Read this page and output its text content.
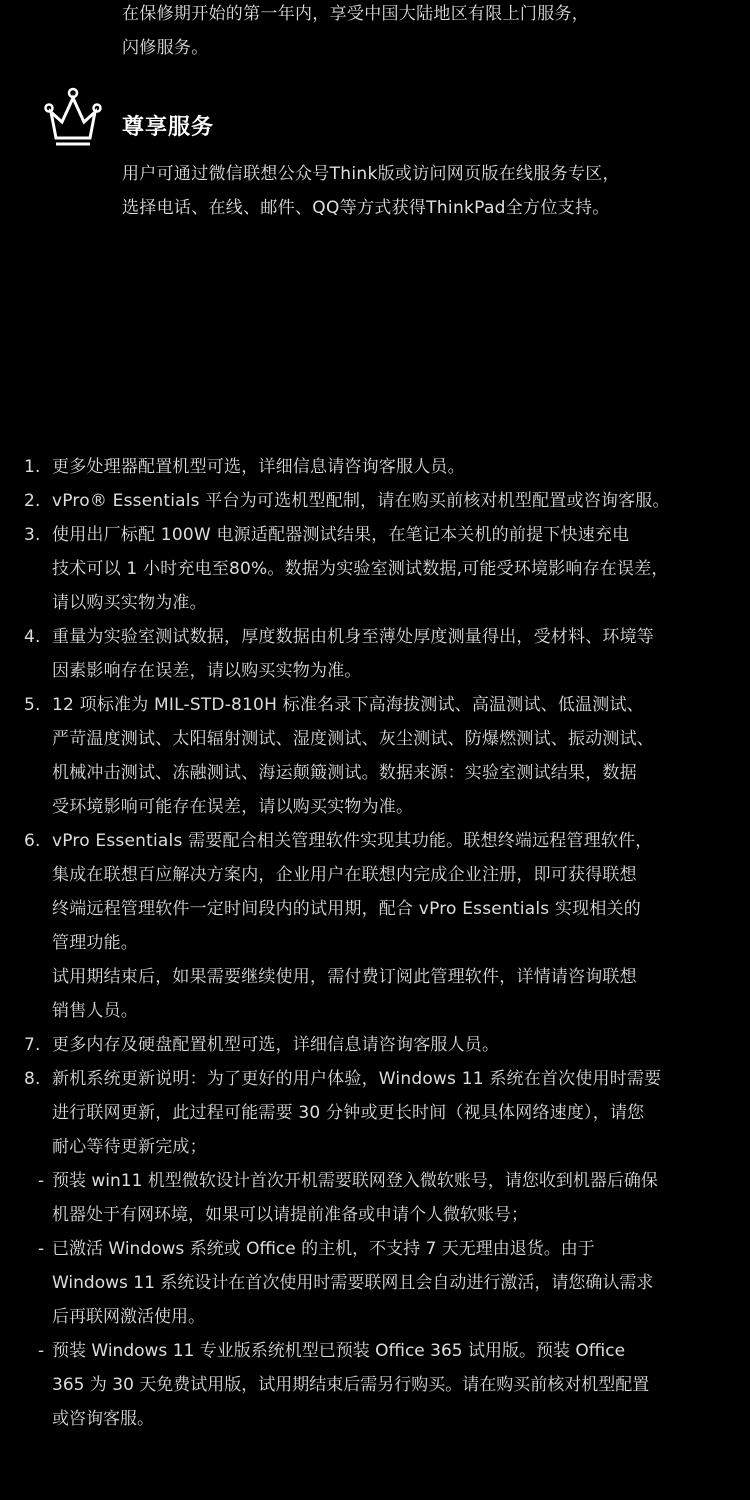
在保修期开始的第一年内，享受中国大陆地区有限上门服务，
闪修服务。

尊享服务

用户可通过微信联想公众号Think版或访问网页版在线服务专区，
选择电话、在线、邮件、QQ等方式获得ThinkPad全方位支持。

1. 更多处理器配置机型可选，详细信息请咨询客服人员。
2. vPro® Essentials 平台为可选机型配制，请在购买前核对机型配置或咨询客服。
3. 使用出厂标配 100W 电源适配器测试结果，在笔记本关机的前提下快速充电
技术可以 1 小时充电至80%。数据为实验室测试数据,可能受环境影响存在误差，
请以购买实物为准。
4. 重量为实验室测试数据，厚度数据由机身至薄处厚度测量得出，受材料、环境等
因素影响存在误差，请以购买实物为准。
5. 12 项标准为 MIL-STD-810H 标准名录下高海拔测试、高温测试、低温测试、
严苛温度测试、太阳辐射测试、湿度测试、灰尘测试、防爆燃测试、振动测试、
机械冲击测试、冻融测试、海运颠簸测试。数据来源：实验室测试结果，数据
受环境影响可能存在误差，请以购买实物为准。
6. vPro Essentials 需要配合相关管理软件实现其功能。联想终端远程管理软件，
集成在联想百应解决方案内，企业用户在联想内完成企业注册，即可获得联想
终端远程管理软件一定时间段内的试用期，配合 vPro Essentials 实现相关的
管理功能。
试用期结束后，如果需要继续使用，需付费订阅此管理软件，详情请咨询联想
销售人员。
7. 更多内存及硬盘配置机型可选，详细信息请咨询客服人员。
8. 新机系统更新说明：为了更好的用户体验，Windows 11 系统在首次使用时需要
进行联网更新，此过程可能需要 30 分钟或更长时间（视具体网络速度），请您
耐心等待更新完成；
- 预装 win11 机型微软设计首次开机需要联网登入微软账号，请您收到机器后确保
机器处于有网环境，如果可以请提前准备或申请个人微软账号；
- 已激活 Windows 系统或 Office 的主机，不支持 7 天无理由退货。由于
Windows 11 系统设计在首次使用时需要联网且会自动进行激活，请您确认需求
后再联网激活使用。
- 预装 Windows 11 专业版系统机型已预装 Office 365 试用版。预装 Office
365 为 30 天免费试用版，试用期结束后需另行购买。请在购买前核对机型配置
或咨询客服。
